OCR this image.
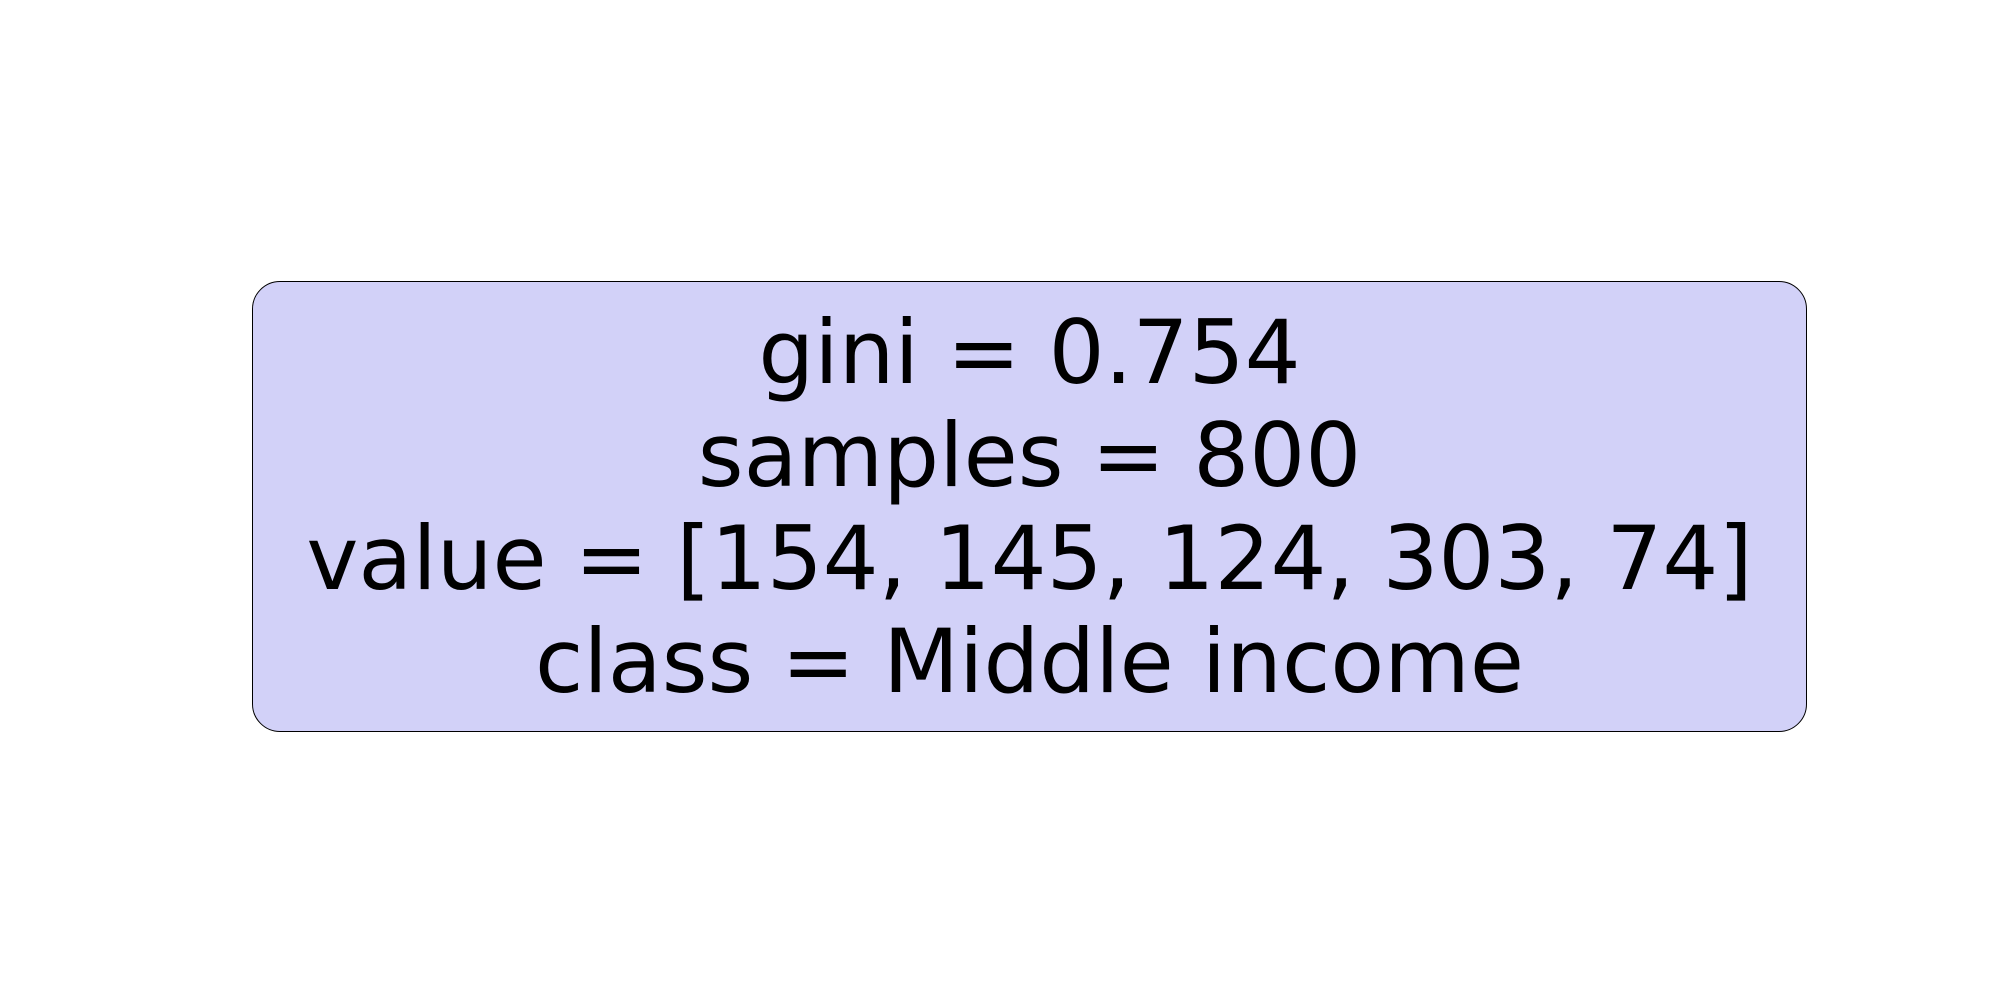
gini = 0.754
samples = 800
value = [154, 145, 124, 303, 74]
class = Middle income
